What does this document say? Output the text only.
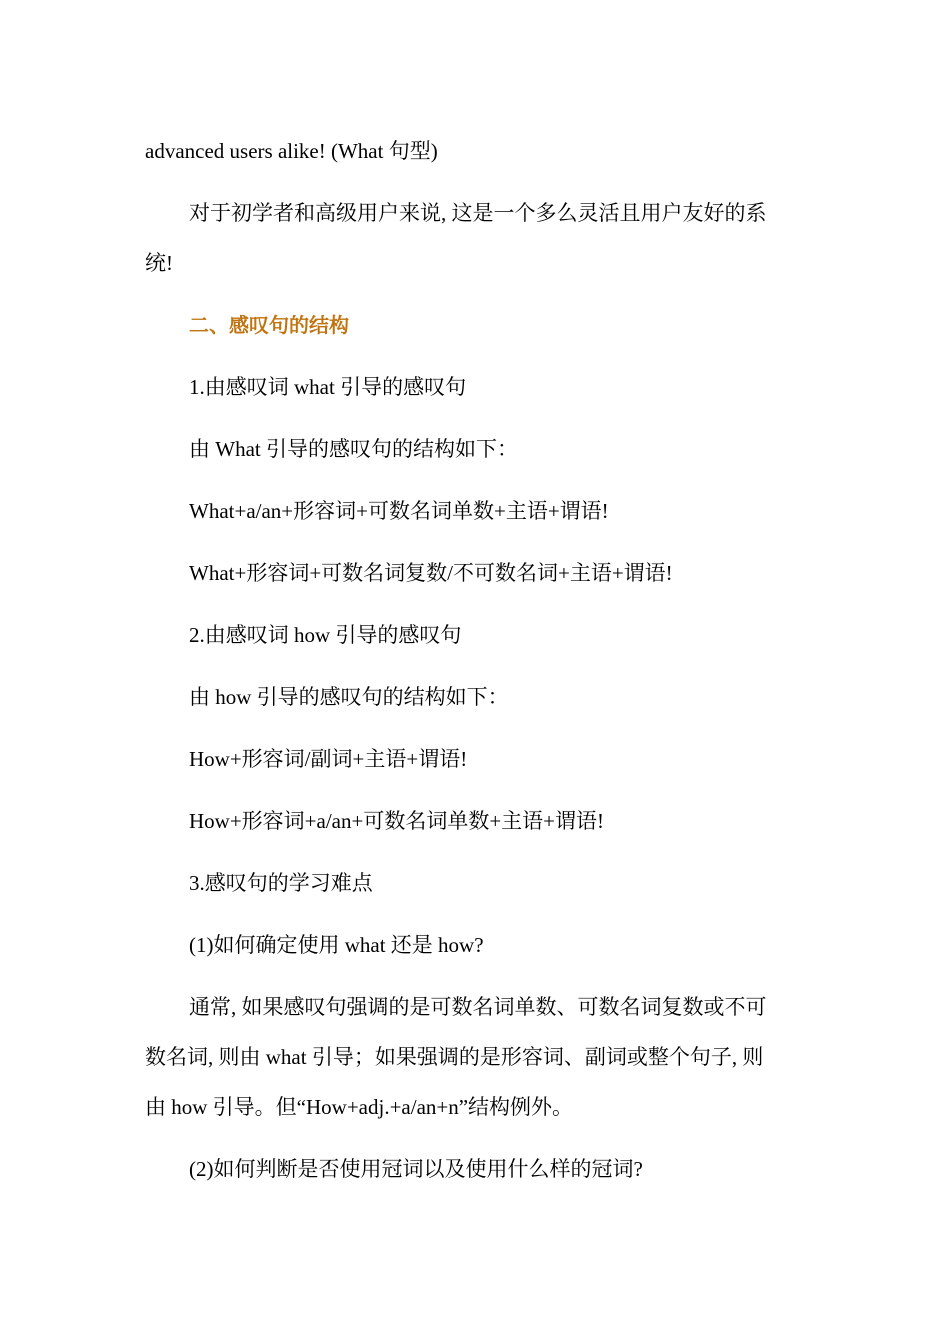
advanced users alike! (What 句型)
对于初学者和高级用户来说, 这是一个多么灵活且用户友好的系
统!
二、感叹句的结构
1.由感叹词 what 引导的感叹句
由 What 引导的感叹句的结构如下：
What+a/an+形容词+可数名词单数+主语+谓语!
What+形容词+可数名词复数/不可数名词+主语+谓语!
2.由感叹词 how 引导的感叹句
由 how 引导的感叹句的结构如下：
How+形容词/副词+主语+谓语!
How+形容词+a/an+可数名词单数+主语+谓语!
3.感叹句的学习难点
(1)如何确定使用 what 还是 how?
通常, 如果感叹句强调的是可数名词单数、可数名词复数或不可
数名词, 则由 what 引导；如果强调的是形容词、副词或整个句子, 则
由 how 引导。但“How+adj.+a/an+n”结构例外。
(2)如何判断是否使用冠词以及使用什么样的冠词?
